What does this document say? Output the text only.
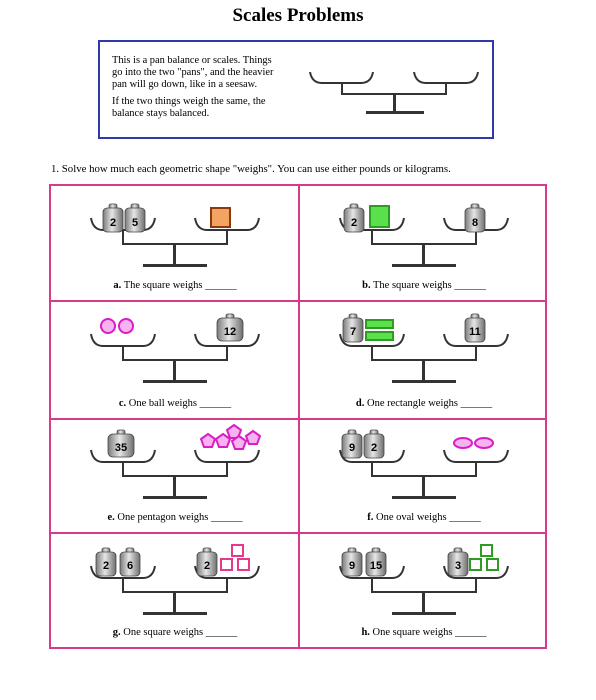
Scales Problems

This is a pan balance or scales. Things go into the two "pans", and the heavier pan will go down, like in a seesaw.

If the two things weigh the same, the balance stays balanced.

1. Solve how much each geometric shape "weighs". You can use either pounds or kilograms.
2 5
a. The square weighs ______
2	8
b. The square weighs ______
12
c. One ball weighs ______
7	11
d. One rectangle weighs ______
35
e. One pentagon weighs ______
9 2
f. One oval weighs ______
2 6	2
g. One square weighs ______
9 15	3
h. One square weighs ______
